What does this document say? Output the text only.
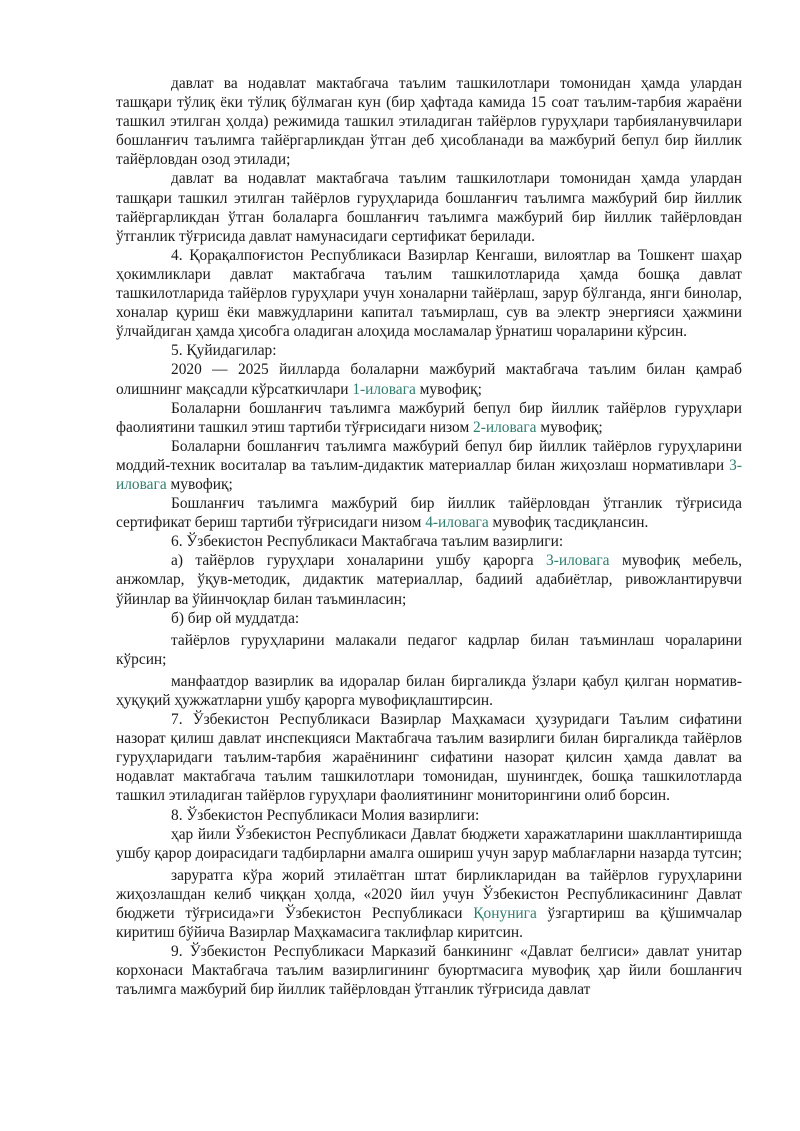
давлат ва нодавлат мактабгача таълим ташкилотлари томонидан ҳамда улардан ташқари тўлиқ ёки тўлиқ бўлмаган кун (бир ҳафтада камида 15 соат таълим-тарбия жараёни ташкил этилган ҳолда) режимида ташкил этиладиган тайёрлов гуруҳлари тарбияланувчилари бошланғич таълимга тайёргарликдан ўтган деб ҳисобланади ва мажбурий бепул бир йиллик тайёрловдан озод этилади;

давлат ва нодавлат мактабгача таълим ташкилотлари томонидан ҳамда улардан ташқари ташкил этилган тайёрлов гуруҳларида бошланғич таълимга мажбурий бир йиллик тайёргарликдан ўтган болаларга бошланғич таълимга мажбурий бир йиллик тайёрловдан ўтганлик тўғрисида давлат намунасидаги сертификат берилади.

4. Қорақалпоғистон Республикаси Вазирлар Кенгаши, вилоятлар ва Тошкент шаҳар ҳокимликлари давлат мактабгача таълим ташкилотларида ҳамда бошқа давлат ташкилотларида тайёрлов гуруҳлари учун хоналарни тайёрлаш, зарур бўлганда, янги бинолар, хоналар қуриш ёки мавжудларини капитал таъмирлаш, сув ва электр энергияси ҳажмини ўлчайдиган ҳамда ҳисобга оладиган алоҳида мосламалар ўрнатиш чораларини кўрсин.

5. Қуйидагилар:

2020 — 2025 йилларда болаларни мажбурий мактабгача таълим билан қамраб олишнинг мақсадли кўрсаткичлари 1-иловага мувофиқ;

Болаларни бошланғич таълимга мажбурий бепул бир йиллик тайёрлов гуруҳлари фаолиятини ташкил этиш тартиби тўғрисидаги низом 2-иловага мувофиқ;

Болаларни бошланғич таълимга мажбурий бепул бир йиллик тайёрлов гуруҳларини моддий-техник воситалар ва таълим-дидактик материаллар билан жиҳозлаш нормативлари 3-иловага мувофиқ;

Бошланғич таълимга мажбурий бир йиллик тайёрловдан ўтганлик тўғрисида сертификат бериш тартиби тўғрисидаги низом 4-иловага мувофиқ тасдиқлансин.

6. Ўзбекистон Республикаси Мактабгача таълим вазирлиги:

а) тайёрлов гуруҳлари хоналарини ушбу қарорга 3-иловага мувофиқ мебель, анжомлар, ўқув-методик, дидактик материаллар, бадиий адабиётлар, ривожлантирувчи ўйинлар ва ўйинчоқлар билан таъминласин;

б) бир ой муддатда:

тайёрлов гуруҳларини малакали педагог кадрлар билан таъминлаш чораларини кўрсин;

манфаатдор вазирлик ва идоралар билан биргаликда ўзлари қабул қилган норматив-ҳуқуқий ҳужжатларни ушбу қарорга мувофиқлаштирсин.

7. Ўзбекистон Республикаси Вазирлар Маҳкамаси ҳузуридаги Таълим сифатини назорат қилиш давлат инспекцияси Мактабгача таълим вазирлиги билан биргаликда тайёрлов гуруҳларидаги таълим-тарбия жараёнининг сифатини назорат қилсин ҳамда давлат ва нодавлат мактабгача таълим ташкилотлари томонидан, шунингдек, бошқа ташкилотларда ташкил этиладиган тайёрлов гуруҳлари фаолиятининг мониторингини олиб борсин.

8. Ўзбекистон Республикаси Молия вазирлиги:

ҳар йили Ўзбекистон Республикаси Давлат бюджети харажатларини шакллантиришда ушбу қарор доирасидаги тадбирларни амалга ошириш учун зарур маблағларни назарда тутсин;

заруратга кўра жорий этилаётган штат бирликларидан ва тайёрлов гуруҳларини жиҳозлашдан келиб чиққан ҳолда, «2020 йил учун Ўзбекистон Республикасининг Давлат бюджети тўғрисида»ги Ўзбекистон Республикаси Қонунига ўзгартириш ва қўшимчалар киритиш бўйича Вазирлар Маҳкамасига таклифлар киритсин.

9. Ўзбекистон Республикаси Марказий банкининг «Давлат белгиси» давлат унитар корхонаси Мактабгача таълим вазирлигининг буюртмасига мувофиқ ҳар йили бошланғич таълимга мажбурий бир йиллик тайёрловдан ўтганлик тўғрисида давлат
